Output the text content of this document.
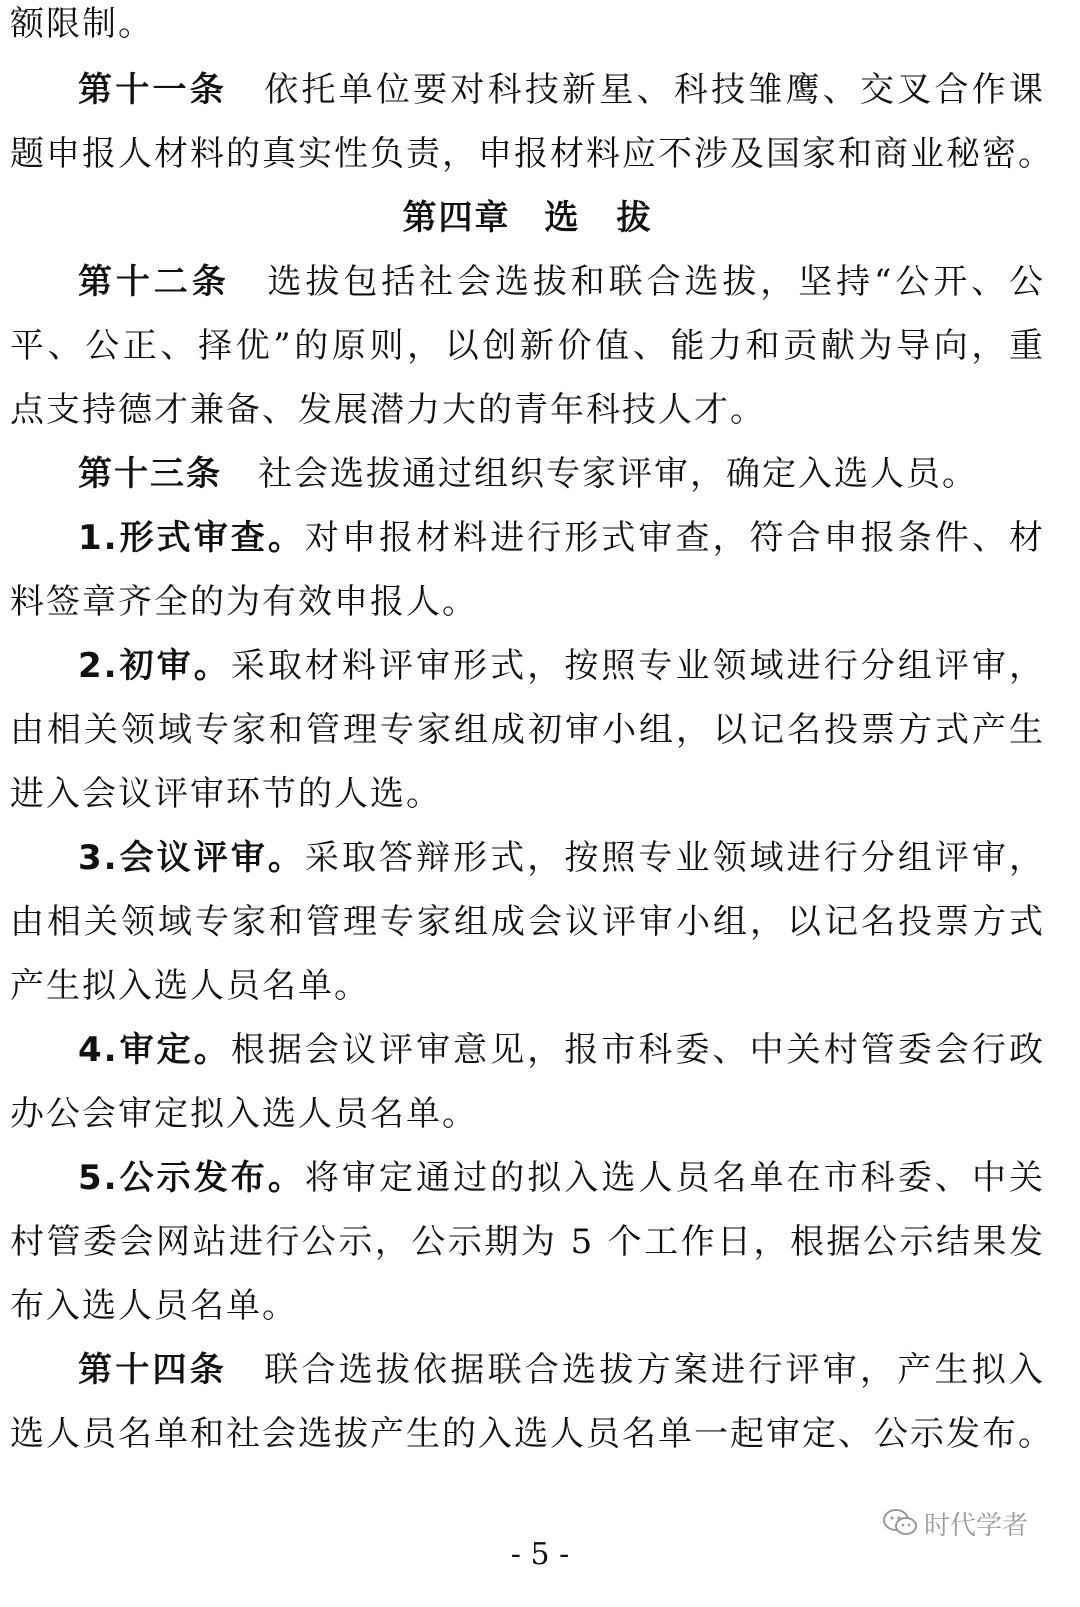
额限制。
第十一条 依托单位要对科技新星、科技雏鹰、交叉合作课
题申报人材料的真实性负责，申报材料应不涉及国家和商业秘密。
第四章 选　拔
第十二条 选拔包括社会选拔和联合选拔，坚持“公开、公
平、公正、择优”的原则，以创新价值、能力和贡献为导向，重
点支持德才兼备、发展潜力大的青年科技人才。
第十三条 社会选拔通过组织专家评审，确定入选人员。
1.形式审查。对申报材料进行形式审查，符合申报条件、材
料签章齐全的为有效申报人。
2.初审。采取材料评审形式，按照专业领域进行分组评审，
由相关领域专家和管理专家组成初审小组，以记名投票方式产生
进入会议评审环节的人选。
3.会议评审。采取答辩形式，按照专业领域进行分组评审，
由相关领域专家和管理专家组成会议评审小组，以记名投票方式
产生拟入选人员名单。
4.审定。根据会议评审意见，报市科委、中关村管委会行政
办公会审定拟入选人员名单。
5.公示发布。将审定通过的拟入选人员名单在市科委、中关
村管委会网站进行公示，公示期为 5 个工作日，根据公示结果发
布入选人员名单。
第十四条 联合选拔依据联合选拔方案进行评审，产生拟入
选人员名单和社会选拔产生的入选人员名单一起审定、公示发布。
时代学者
- 5 -
